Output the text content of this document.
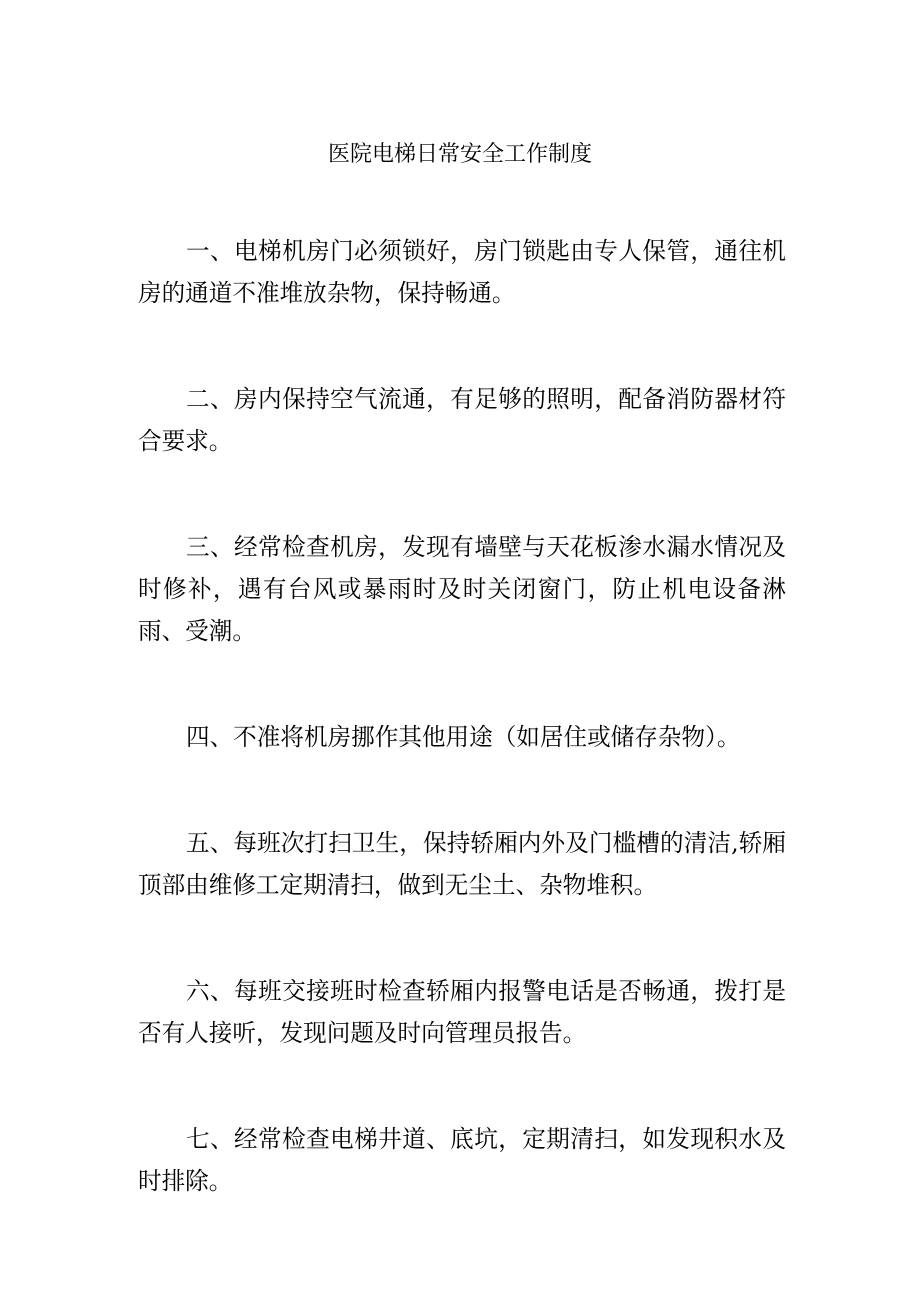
医院电梯日常安全工作制度

一、电梯机房门必须锁好，房门锁匙由专人保管，通往机房的通道不准堆放杂物，保持畅通。

二、房内保持空气流通，有足够的照明，配备消防器材符合要求。

三、经常检查机房，发现有墙壁与天花板渗水漏水情况及时修补，遇有台风或暴雨时及时关闭窗门，防止机电设备淋雨、受潮。

四、不准将机房挪作其他用途（如居住或储存杂物）。

五、每班次打扫卫生，保持轿厢内外及门槛槽的清洁,轿厢顶部由维修工定期清扫，做到无尘土、杂物堆积。

六、每班交接班时检查轿厢内报警电话是否畅通，拨打是否有人接听，发现问题及时向管理员报告。

七、经常检查电梯井道、底坑，定期清扫，如发现积水及时排除。
